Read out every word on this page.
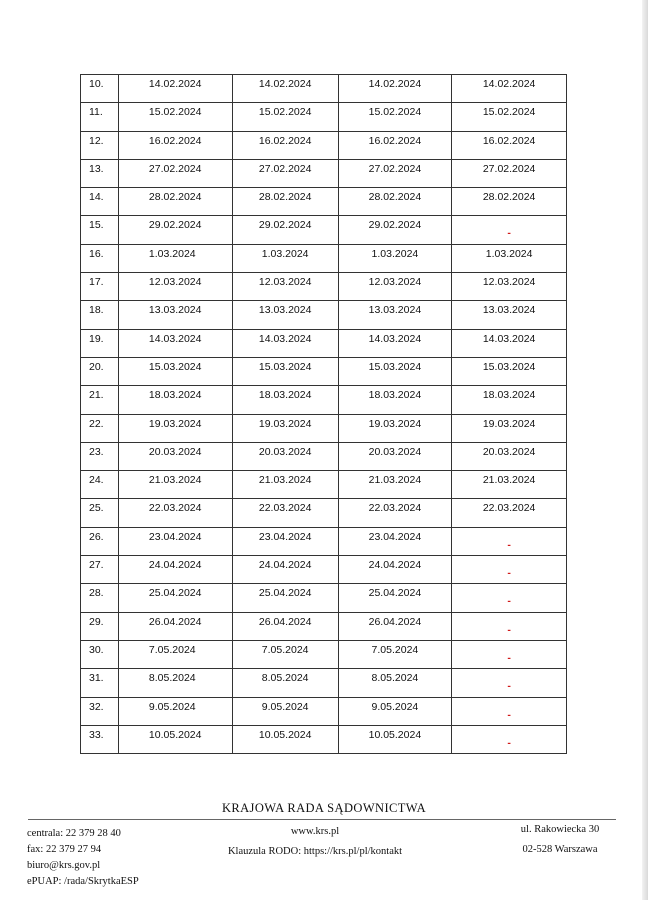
10.	14.02.2024	14.02.2024	14.02.2024	14.02.2024
11.	15.02.2024	15.02.2024	15.02.2024	15.02.2024
12.	16.02.2024	16.02.2024	16.02.2024	16.02.2024
13.	27.02.2024	27.02.2024	27.02.2024	27.02.2024
14.	28.02.2024	28.02.2024	28.02.2024	28.02.2024
15.	29.02.2024	29.02.2024	29.02.2024	-
16.	1.03.2024	1.03.2024	1.03.2024	1.03.2024
17.	12.03.2024	12.03.2024	12.03.2024	12.03.2024
18.	13.03.2024	13.03.2024	13.03.2024	13.03.2024
19.	14.03.2024	14.03.2024	14.03.2024	14.03.2024
20.	15.03.2024	15.03.2024	15.03.2024	15.03.2024
21.	18.03.2024	18.03.2024	18.03.2024	18.03.2024
22.	19.03.2024	19.03.2024	19.03.2024	19.03.2024
23.	20.03.2024	20.03.2024	20.03.2024	20.03.2024
24.	21.03.2024	21.03.2024	21.03.2024	21.03.2024
25.	22.03.2024	22.03.2024	22.03.2024	22.03.2024
26.	23.04.2024	23.04.2024	23.04.2024	-
27.	24.04.2024	24.04.2024	24.04.2024	-
28.	25.04.2024	25.04.2024	25.04.2024	-
29.	26.04.2024	26.04.2024	26.04.2024	-
30.	7.05.2024	7.05.2024	7.05.2024	-
31.	8.05.2024	8.05.2024	8.05.2024	-
32.	9.05.2024	9.05.2024	9.05.2024	-
33.	10.05.2024	10.05.2024	10.05.2024	-
KRAJOWA RADA SĄDOWNICTWA
centrala: 22 379 28 40
fax: 22 379 27 94
biuro@krs.gov.pl
ePUAP: /rada/SkrytkaESP
www.krs.pl
Klauzula RODO: https://krs.pl/pl/kontakt
ul. Rakowiecka 30
02-528 Warszawa
